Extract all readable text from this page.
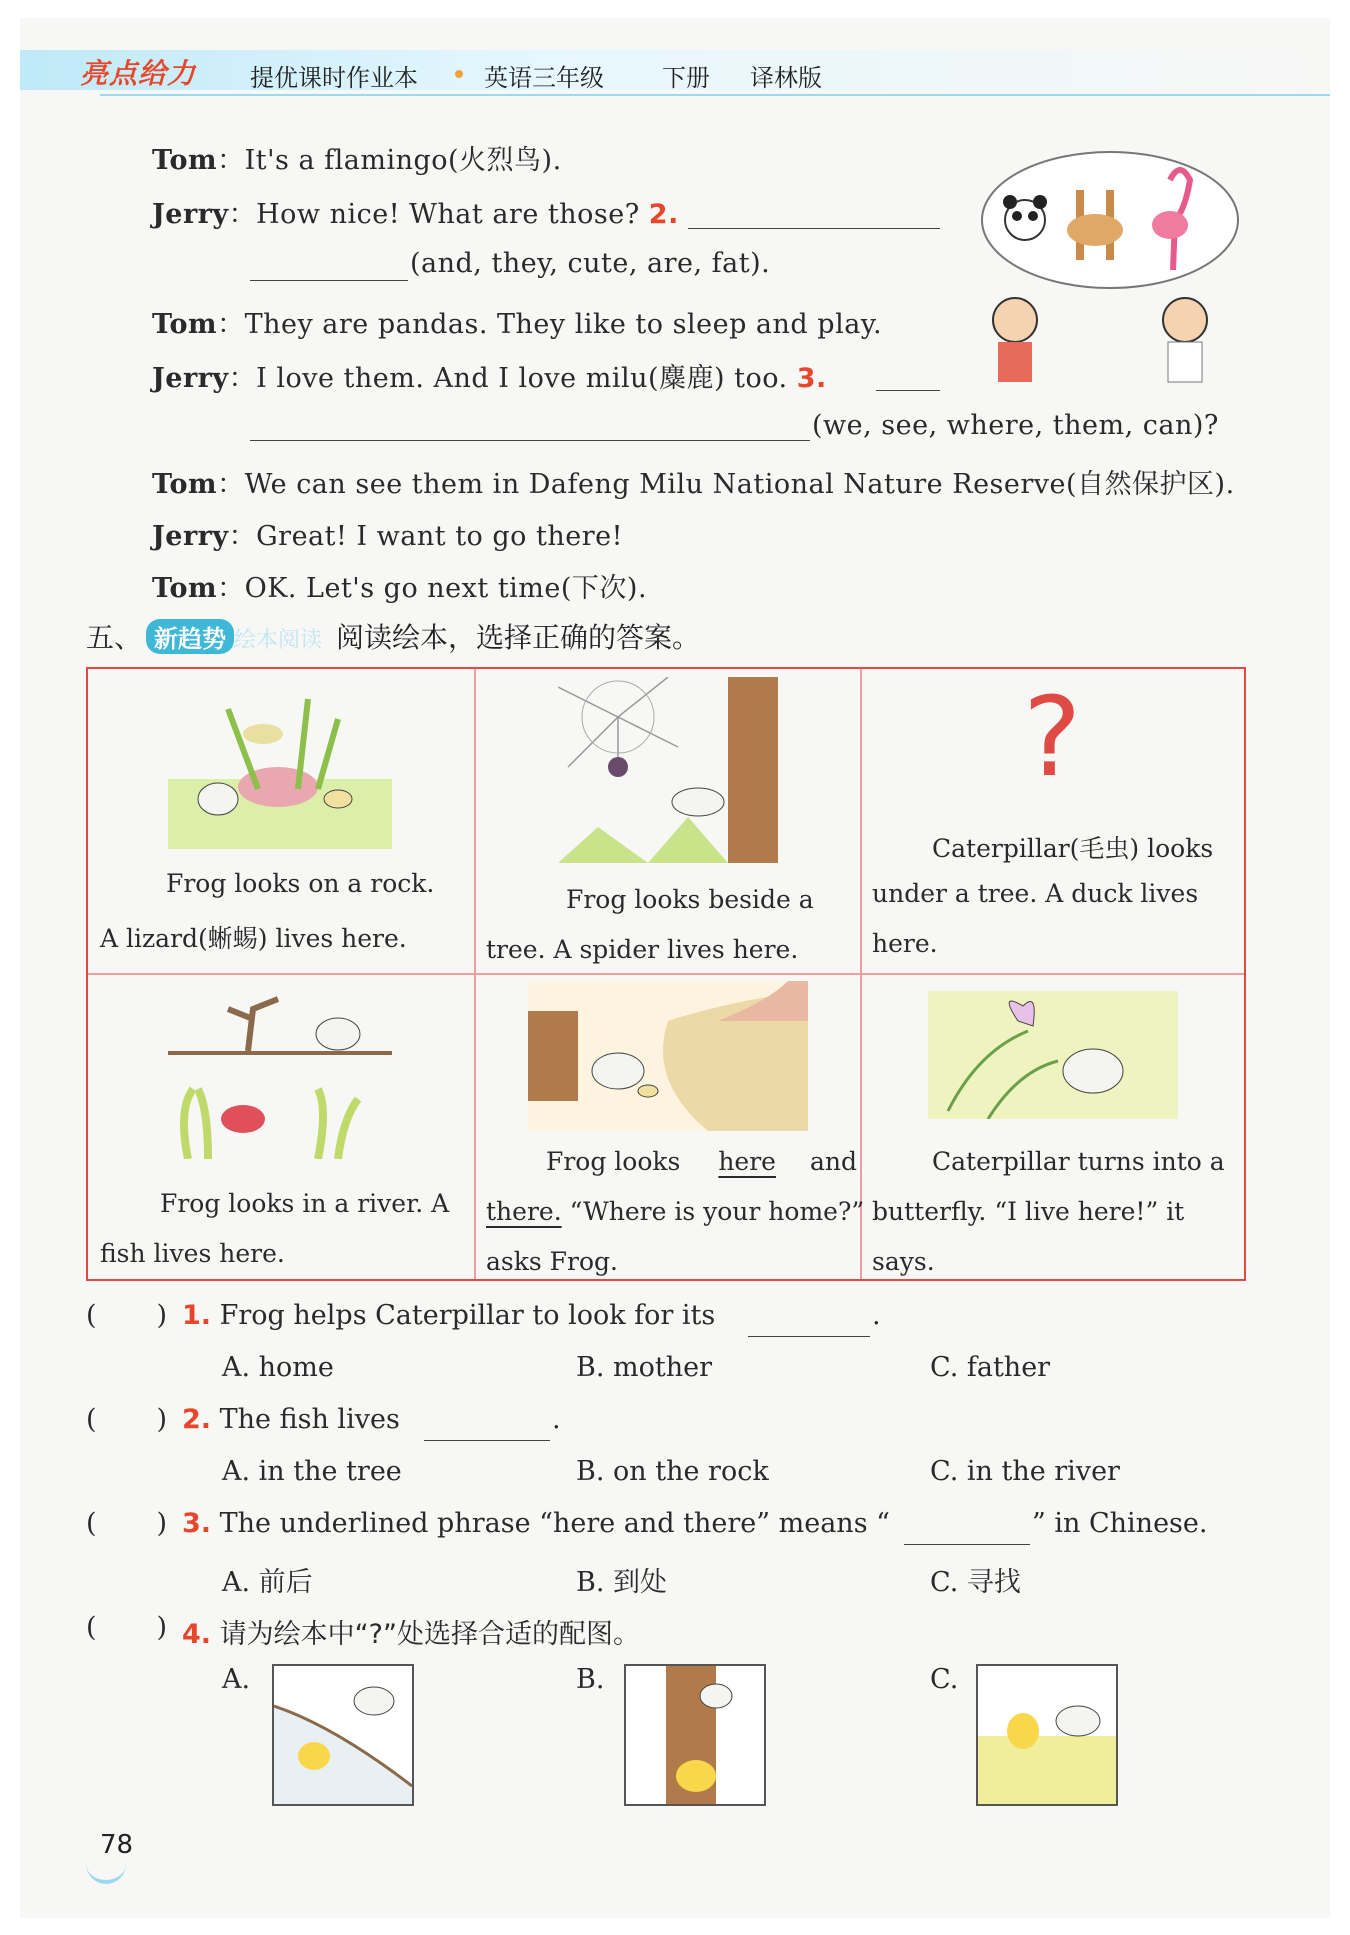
亮点给力 提优课时作业本	英语三年级 下册 译林版
Tom：It's a flamingo(火烈鸟).
Jerry：How nice! What are those? 2.
(and, they, cute, are, fat).
Tom：They are pandas. They like to sleep and play.
Jerry：I love them. And I love milu(麋鹿) too. 3.
(we, see, where, them, can)?
Tom：We can see them in Dafeng Milu National Nature Reserve(自然保护区).
Jerry：Great! I want to go there!
Tom：OK. Let's go next time(下次).
五、 新趋势 绘本阅读 阅读绘本，选择正确的答案。
Frog looks on a rock.
A lizard(蜥蜴) lives here.
Frog looks beside a
tree. A spider lives here.
?
Caterpillar(毛虫) looks
under a tree. A duck lives
here.
Frog looks in a river. A
fish lives here.
Frog looks here and
there. “Where is your home?”
asks Frog.
Caterpillar turns into a
butterfly. “I live here!” it
says.
( ) 1. Frog helps Caterpillar to look for its	.
A. home	B. mother	C. father
( ) 2. The fish lives	.
A. in the tree	B. on the rock	C. in the river
( ) 3. The underlined phrase “here and there” means “	” in Chinese.
A. 前后	B. 到处	C. 寻找
( ) 4. 请为绘本中“?”处选择合适的配图。
A.	B.	C.
78
